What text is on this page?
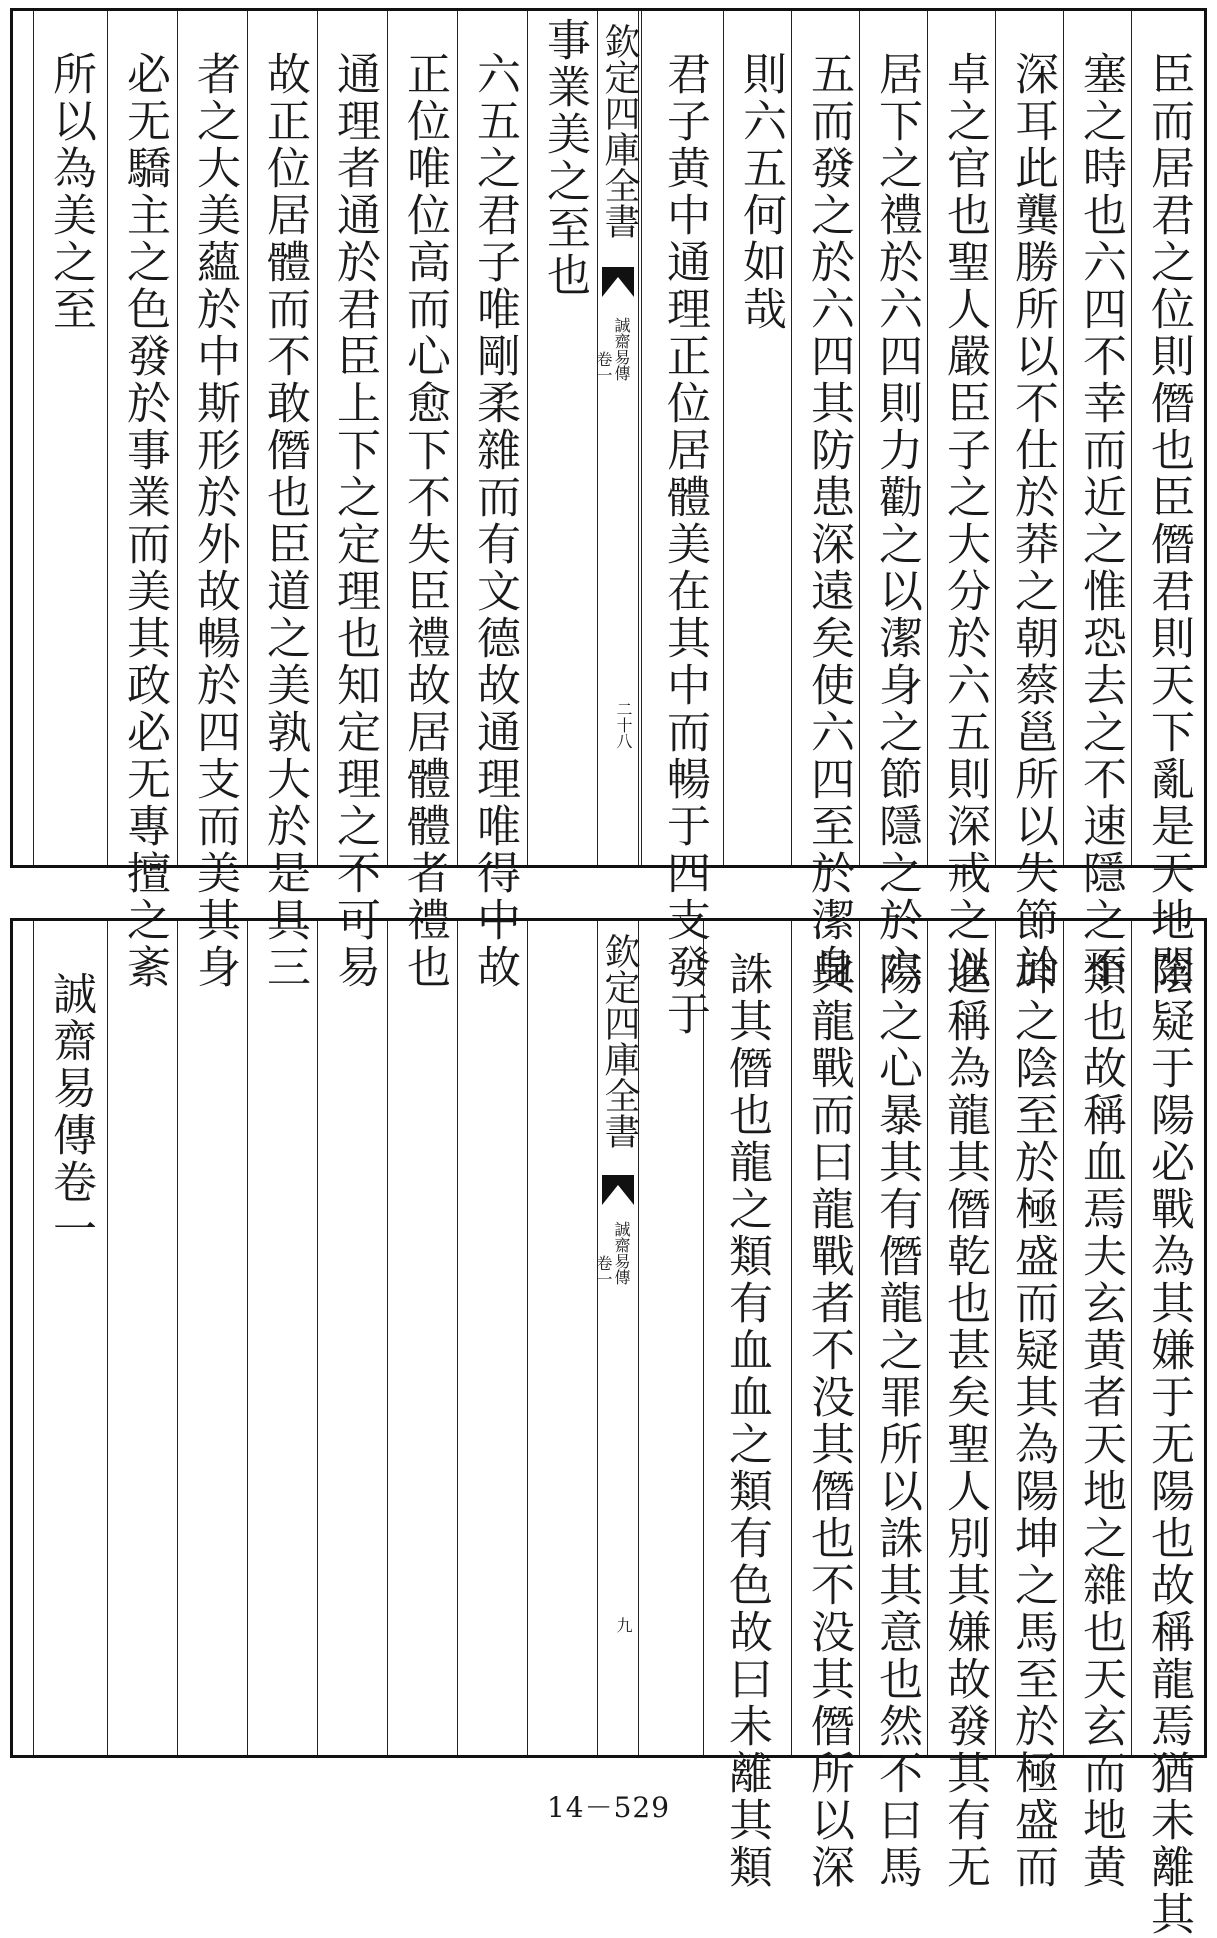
臣而居君之位則僭也臣僭君則天下亂是天地閉
塞之時也六四不幸而近之惟恐去之不速隱之不
深耳此龔勝所以不仕於莽之朝蔡邕所以失節於
卓之官也聖人嚴臣子之大分於六五則深戒之以
居下之禮於六四則力勸之以潔身之節隱之於六
五而發之於六四其防患深遠矣使六四至於潔身
則六五何如哉
君子黄中通理正位居體美在其中而暢于四支發于
欽定四庫全書
誠齋易傳
卷一
二十八
事業美之至也
六五之君子唯剛柔雜而有文德故通理唯得中故
正位唯位高而心愈下不失臣禮故居體體者禮也
通理者通於君臣上下之定理也知定理之不可易
故正位居體而不敢僭也臣道之美孰大於是具三
者之大美蘊於中斯形於外故暢於四支而美其身
必无驕主之色發於事業而美其政必无專擅之紊
所以為美之至
陰疑于陽必戰為其嫌于无陽也故稱龍焉猶未離其
類也故稱血焉夫玄黄者天地之雜也天玄而地黄
坤之陰至於極盛而疑其為陽坤之馬至於極盛而
進稱為龍其僭乾也甚矣聖人別其嫌故發其有无
陽之心暴其有僭龍之罪所以誅其意也然不曰馬
與龍戰而曰龍戰者不没其僭也不没其僭所以深
誅其僭也龍之類有血血之類有色故曰未離其類
欽定四庫全書
誠齋易傳
卷一
九
誠齋易傳卷一
14－529
